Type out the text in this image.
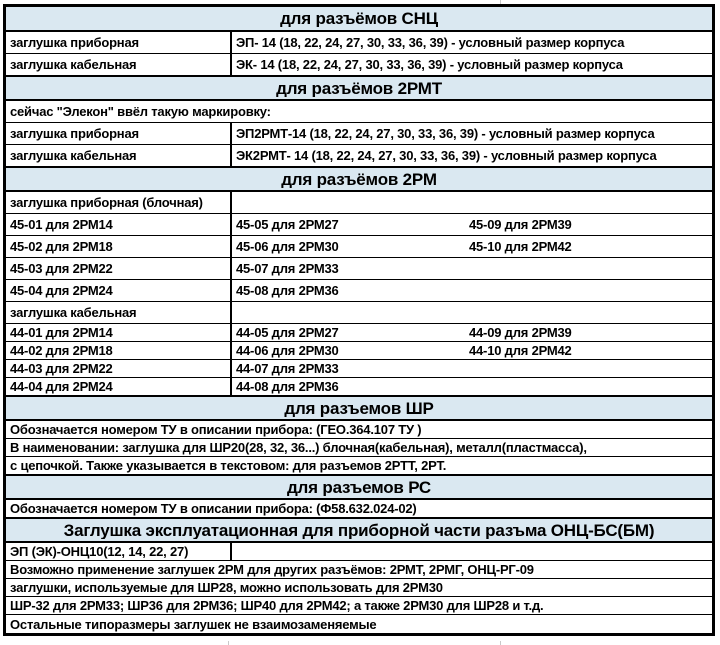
для разъёмов СНЦ
заглушка приборная	ЭП- 14 (18, 22, 24, 27, 30, 33, 36, 39) - условный размер корпуса
заглушка кабельная	ЭК- 14 (18, 22, 24, 27, 30, 33, 36, 39) - условный размер корпуса
для разъёмов 2РМТ
сейчас "Элекон" ввёл такую маркировку:
заглушка приборная	ЭП2РМТ-14 (18, 22, 24, 27, 30, 33, 36, 39) - условный размер корпуса
заглушка кабельная	ЭК2РМТ- 14 (18, 22, 24, 27, 30, 33, 36, 39) - условный размер корпуса
для разъёмов 2РМ
заглушка приборная (блочная)
45-01 для 2РМ14	45-05 для 2РМ27	45-09 для 2РМ39
45-02 для 2РМ18	45-06 для 2РМ30	45-10 для 2РМ42
45-03 для 2РМ22	45-07 для 2РМ33
45-04 для 2РМ24	45-08 для 2РМ36
заглушка кабельная
44-01 для 2РМ14	44-05 для 2РМ27	44-09 для 2РМ39
44-02 для 2РМ18	44-06 для 2РМ30	44-10 для 2РМ42
44-03 для 2РМ22	44-07 для 2РМ33
44-04 для 2РМ24	44-08 для 2РМ36
для разъемов ШР
Обозначается номером ТУ в описании прибора: (ГЕО.364.107 ТУ )
В наименовании: заглушка для ШР20(28, 32, 36...) блочная(кабельная), металл(пластмасса),
с цепочкой. Также указывается в текстовом: для разъемов 2РТТ, 2РТ.
для разъемов РС
Обозначается номером ТУ в описании прибора: (Ф58.632.024-02)
Заглушка эксплуатационная для приборной части разъма ОНЦ-БС(БМ)
ЭП (ЭК)-ОНЦ10(12, 14, 22, 27)
Возможно применение заглушек 2РМ для других разъёмов: 2РМТ, 2РМГ, ОНЦ-РГ-09
заглушки, используемые для ШР28, можно использовать для 2РМ30
ШР-32 для 2РМ33; ШР36 для 2РМ36; ШР40 для 2РМ42; а также 2РМ30 для ШР28 и т.д.
Остальные типоразмеры заглушек не взаимозаменяемые
